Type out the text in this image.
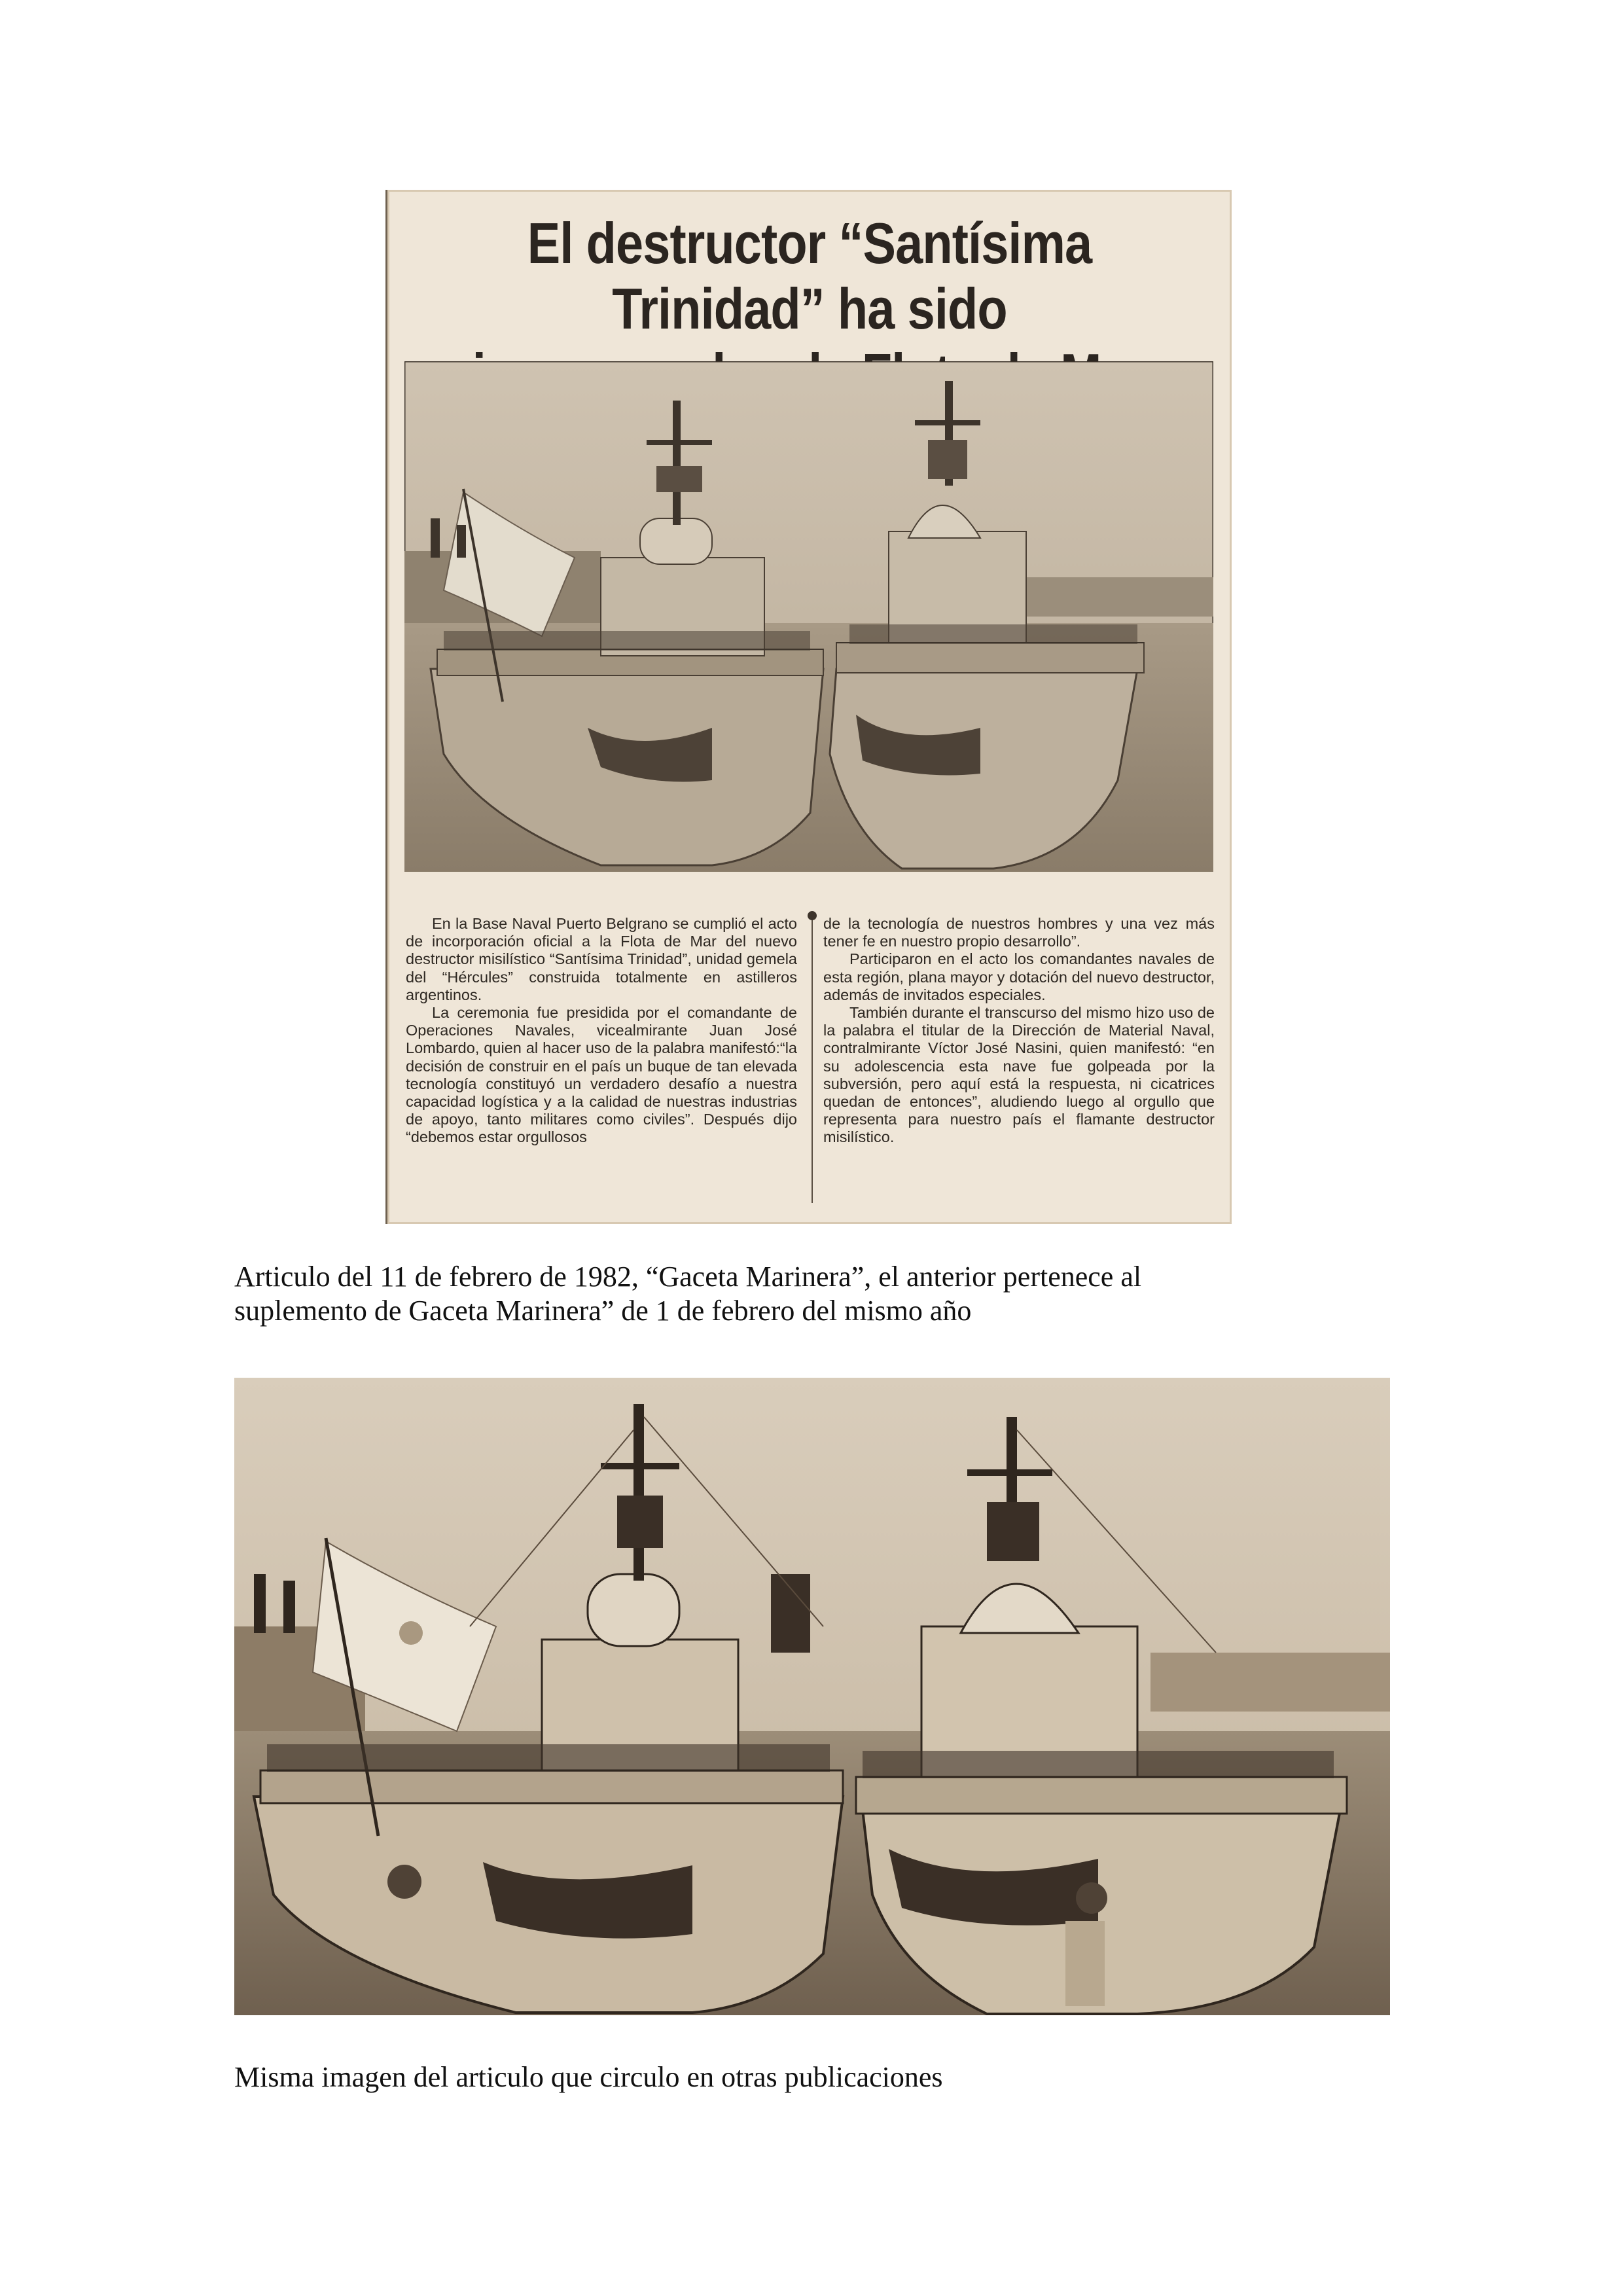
El destructor “Santísima Trinidad” ha sido

En la Base Naval Puerto Belgrano se cumplió el acto de incorporación oficial a la Flota de Mar del nuevo destructor misilístico “Santísima Trinidad”, unidad gemela del “Hércules” construida totalmente en astilleros argentinos.

La ceremonia fue presidida por el comandante de Operaciones Navales, vicealmirante Juan José Lombardo, quien al hacer uso de la palabra manifestó:“la decisión de construir en el país un buque de tan elevada tecnología constituyó un verdadero desafío a nuestra capacidad logística y a la calidad de nuestras industrias de apoyo, tanto militares como civiles”. Después dijo “debemos estar orgullosos

de la tecnología de nuestros hombres y una vez más tener fe en nuestro propio desarrollo”.

Participaron en el acto los comandantes navales de esta región, plana mayor y dotación del nuevo destructor, además de invitados especiales.

También durante el transcurso del mismo hizo uso de la palabra el titular de la Dirección de Material Naval, contralmirante Víctor José Nasini, quien manifestó: “en su adolescencia esta nave fue golpeada por la subversión, pero aquí está la respuesta, ni cicatrices quedan de entonces”, aludiendo luego al orgullo que representa para nuestro país el flamante destructor misilístico.

Articulo del 11 de febrero de 1982, “Gaceta Marinera”, el anterior pertenece al

suplemento de Gaceta Marinera” de 1 de febrero del mismo año

Misma imagen del articulo que circulo en otras publicaciones
